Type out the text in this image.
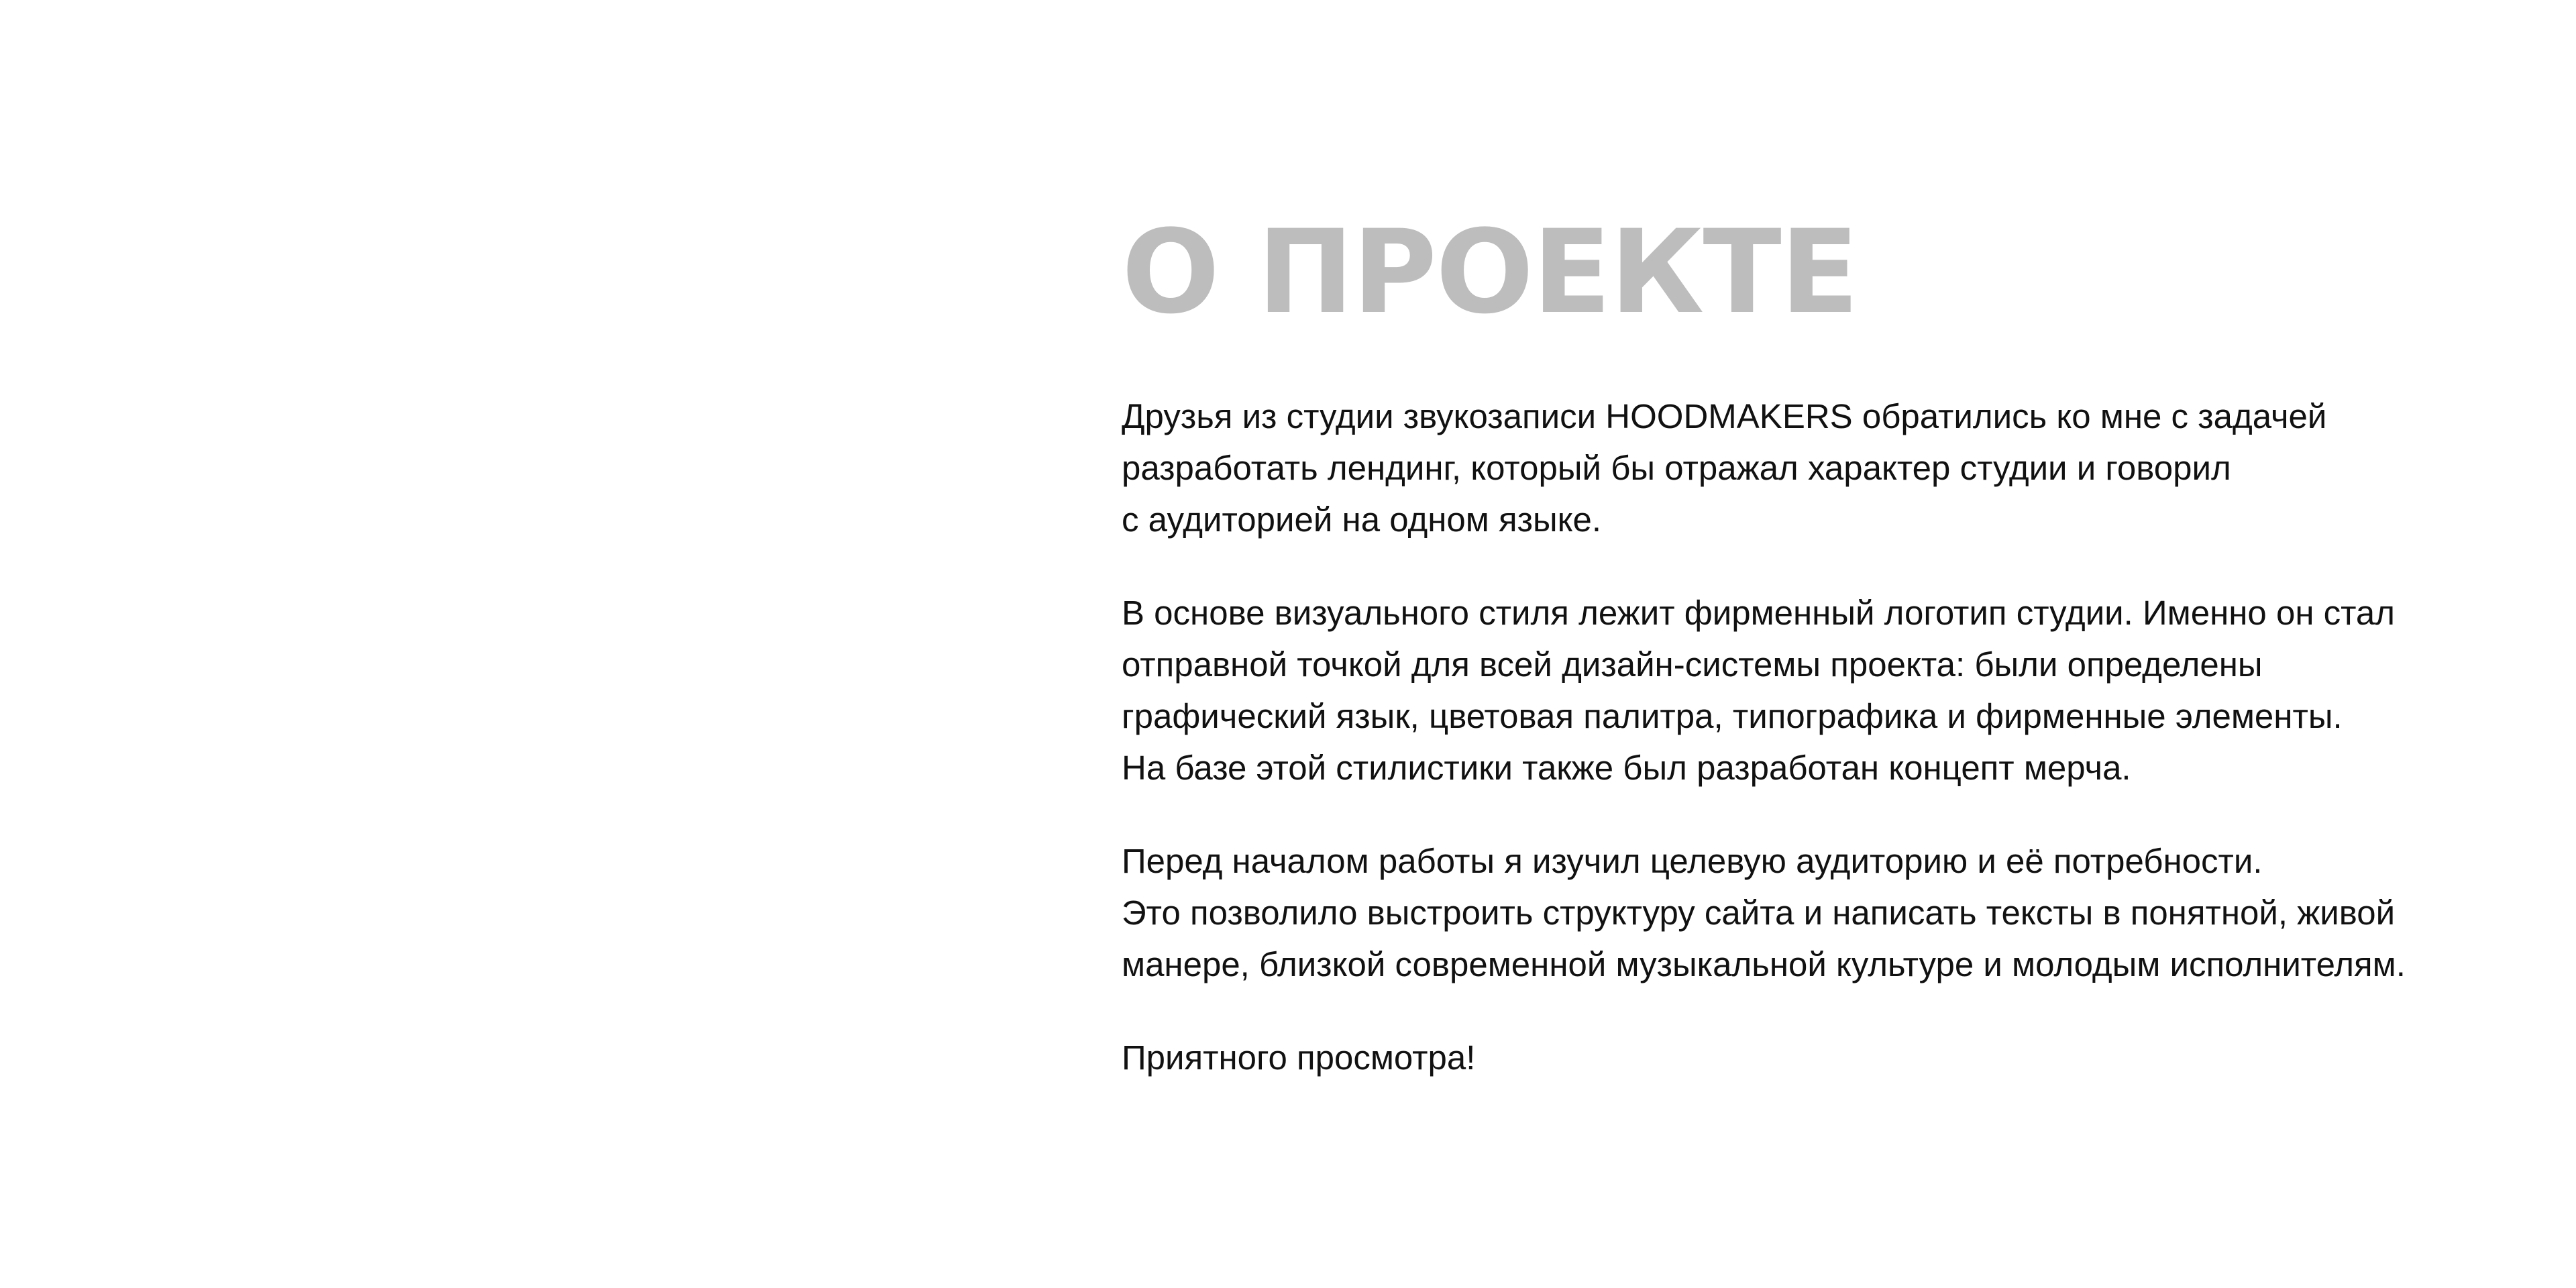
О ПРОЕКТЕ

Друзья из студии звукозаписи HOODMAKERS обратились ко мне с задачей
разработать лендинг, который бы отражал характер студии и говорил
с аудиторией на одном языке.

В основе визуального стиля лежит фирменный логотип студии. Именно он стал
отправной точкой для всей дизайн-системы проекта: были определены
графический язык, цветовая палитра, типографика и фирменные элементы.
На базе этой стилистики также был разработан концепт мерча.

Перед началом работы я изучил целевую аудиторию и её потребности.
Это позволило выстроить структуру сайта и написать тексты в понятной, живой
манере, близкой современной музыкальной культуре и молодым исполнителям.

Приятного просмотра!
